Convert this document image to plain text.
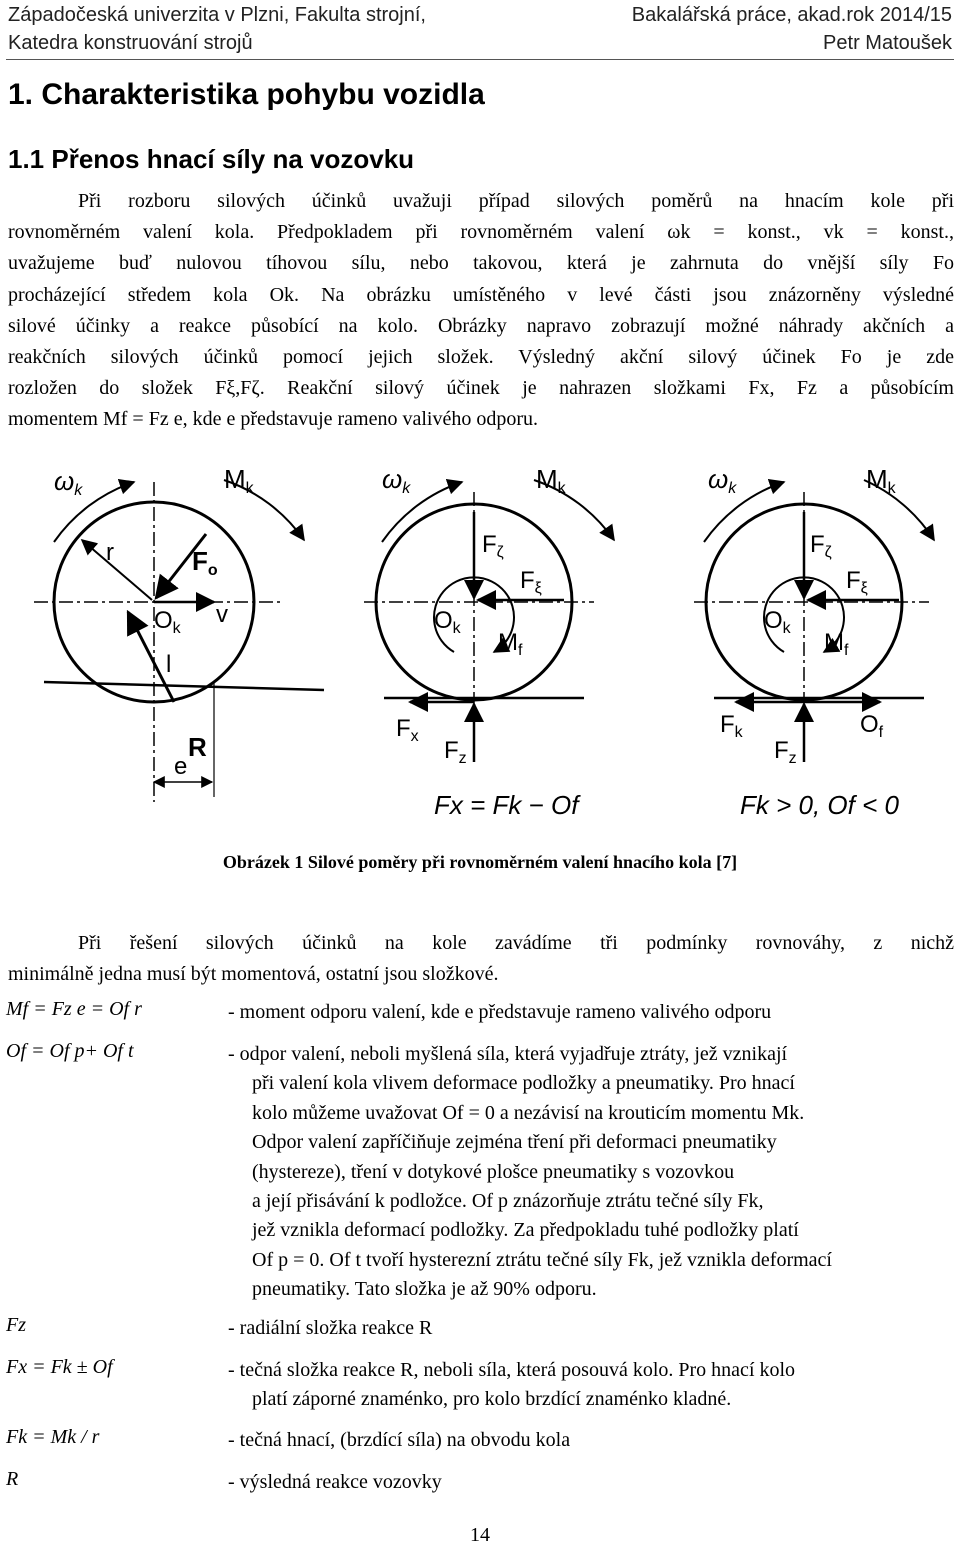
Západočeská univerzita v Plzni, Fakulta strojní,	Bakalářská práce, akad.rok 2014/15
Katedra konstruování strojů	Petr Matoušek
1. Charakteristika pohybu vozidla
1.1 Přenos hnací síly na vozovku
Při rozboru silových účinků uvažuji případ silových poměrů na hnacím kole při
rovnoměrném valení kola. Předpokladem při rovnoměrném valení ωk = konst., vk = konst.,
uvažujeme buď nulovou tíhovou sílu, nebo takovou, která je zahrnuta do vnější síly Fo
procházející středem kola Ok. Na obrázku umístěného v levé části jsou znázorněny výsledné
silové účinky a reakce působící na kolo. Obrázky napravo zobrazují možné náhrady akčních a
reakčních silových účinků pomocí jejich složek. Výsledný akční silový účinek Fo je zde
rozložen do složek Fξ,Fζ. Reakční silový účinek je nahrazen složkami Fx, Fz a působícím
momentem Mf = Fz e, kde e představuje rameno valivého odporu.
ωk	Mk
r	Fo
$O_k$
v
l
R
e
ωk	Mk
$F_\zeta$
$F_\xi$
$O_k$
$M_f$
$F_x$
$F_z$
Fx = Fk − Of
ωk	Mk
$F_\zeta$
$F_\xi$
$O_k$
$M_f$
$F_k$	$O_f$
$F_z$
Fk > 0, Of < 0
Obrázek 1 Silové poměry při rovnoměrném valení hnacího kola [7]
Při řešení silových účinků na kole zavádíme tři podmínky rovnováhy, z nichž
minimálně jedna musí být momentová, ostatní jsou složkové.
Mf = Fz e = Of r	- moment odporu valení, kde e představuje rameno valivého odporu
Of = Of p+ Of t	- odpor valení, neboli myšlená síla, která vyjadřuje ztráty, jež vznikají
při valení kola vlivem deformace podložky a pneumatiky. Pro hnací
kolo můžeme uvažovat Of = 0 a nezávisí na krouticím momentu Mk.
Odpor valení zapříčiňuje zejména tření při deformaci pneumatiky
(hystereze), tření v dotykové plošce pneumatiky s vozovkou
a její přisávání k podložce. Of p znázorňuje ztrátu tečné síly Fk,
jež vznikla deformací podložky. Za předpokladu tuhé podložky platí
Of p = 0. Of t tvoří hysterezní ztrátu tečné síly Fk, jež vznikla deformací
pneumatiky. Tato složka je až 90% odporu.
Fz	- radiální složka reakce R
Fx = Fk ± Of	- tečná složka reakce R, neboli síla, která posouvá kolo. Pro hnací kolo
platí záporné znaménko, pro kolo brzdící znaménko kladné.
Fk = Mk / r	- tečná hnací, (brzdící síla) na obvodu kola
R	- výsledná reakce vozovky
14
